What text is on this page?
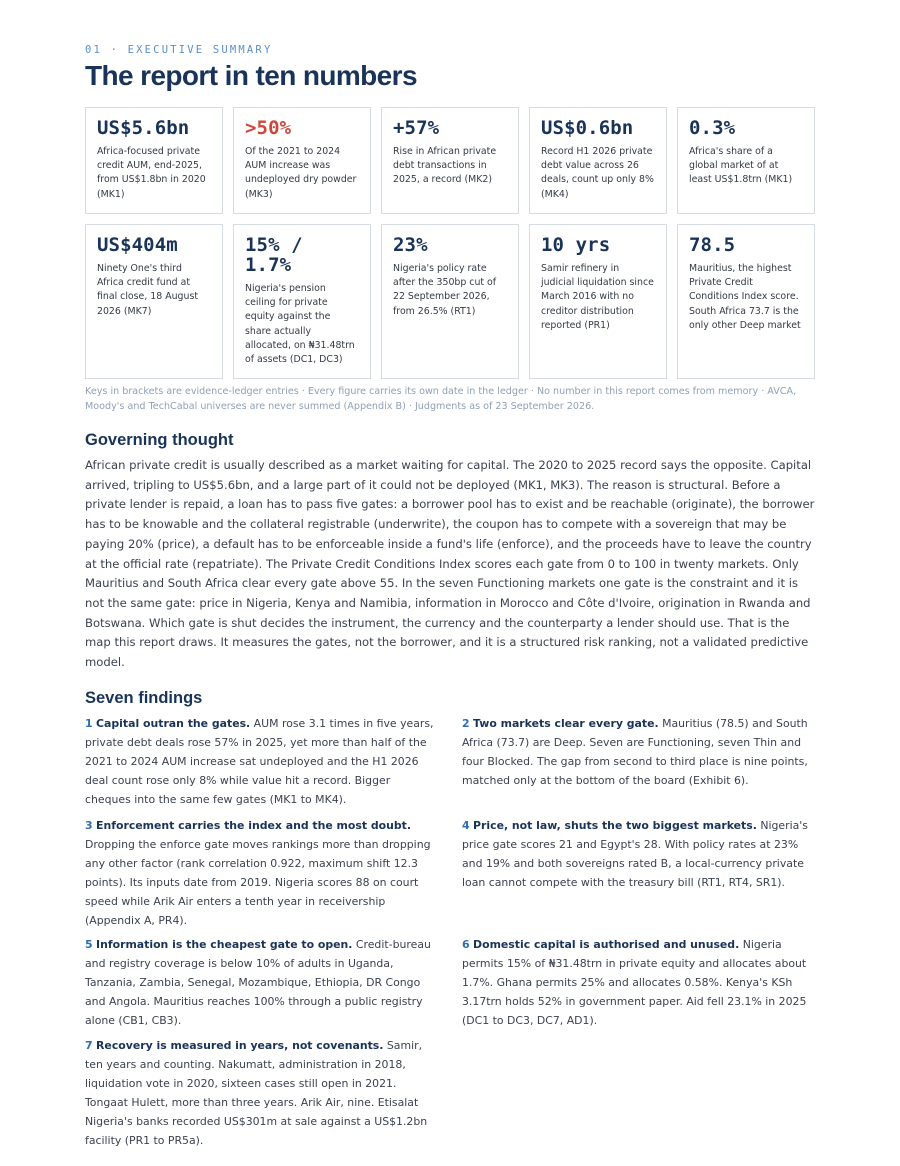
01 · EXECUTIVE SUMMARY
The report in ten numbers
US$5.6bn
Africa-focused private credit AUM, end-2025, from US$1.8bn in 2020 (MK1)
>50%
Of the 2021 to 2024 AUM increase was undeployed dry powder (MK3)
+57%
Rise in African private debt transactions in 2025, a record (MK2)
US$0.6bn
Record H1 2026 private debt value across 26 deals, count up only 8% (MK4)
0.3%
Africa's share of a global market of at least US$1.8trn (MK1)
US$404m
Ninety One's third Africa credit fund at final close, 18 August 2026 (MK7)
15% / 1.7%
Nigeria's pension ceiling for private equity against the share actually allocated, on ₦31.48trn of assets (DC1, DC3)
23%
Nigeria's policy rate after the 350bp cut of 22 September 2026, from 26.5% (RT1)
10 yrs
Samir refinery in judicial liquidation since March 2016 with no creditor distribution reported (PR1)
78.5
Mauritius, the highest Private Credit Conditions Index score. South Africa 73.7 is the only other Deep market
Keys in brackets are evidence-ledger entries · Every figure carries its own date in the ledger · No number in this report comes from memory · AVCA, Moody's and TechCabal universes are never summed (Appendix B) · Judgments as of 23 September 2026.
Governing thought

African private credit is usually described as a market waiting for capital. The 2020 to 2025 record says the opposite. Capital arrived, tripling to US$5.6bn, and a large part of it could not be deployed (MK1, MK3). The reason is structural. Before a private lender is repaid, a loan has to pass five gates: a borrower pool has to exist and be reachable (originate), the borrower has to be knowable and the collateral registrable (underwrite), the coupon has to compete with a sovereign that may be paying 20% (price), a default has to be enforceable inside a fund's life (enforce), and the proceeds have to leave the country at the official rate (repatriate). The Private Credit Conditions Index scores each gate from 0 to 100 in twenty markets. Only Mauritius and South Africa clear every gate above 55. In the seven Functioning markets one gate is the constraint and it is not the same gate: price in Nigeria, Kenya and Namibia, information in Morocco and Côte d'Ivoire, origination in Rwanda and Botswana. Which gate is shut decides the instrument, the currency and the counterparty a lender should use. That is the map this report draws. It measures the gates, not the borrower, and it is a structured risk ranking, not a validated predictive model.

Seven findings

1 Capital outran the gates. AUM rose 3.1 times in five years, private debt deals rose 57% in 2025, yet more than half of the 2021 to 2024 AUM increase sat undeployed and the H1 2026 deal count rose only 8% while value hit a record. Bigger cheques into the same few gates (MK1 to MK4).

2 Two markets clear every gate. Mauritius (78.5) and South Africa (73.7) are Deep. Seven are Functioning, seven Thin and four Blocked. The gap from second to third place is nine points, matched only at the bottom of the board (Exhibit 6).

3 Enforcement carries the index and the most doubt. Dropping the enforce gate moves rankings more than dropping any other factor (rank correlation 0.922, maximum shift 12.3 points). Its inputs date from 2019. Nigeria scores 88 on court speed while Arik Air enters a tenth year in receivership (Appendix A, PR4).

4 Price, not law, shuts the two biggest markets. Nigeria's price gate scores 21 and Egypt's 28. With policy rates at 23% and 19% and both sovereigns rated B, a local-currency private loan cannot compete with the treasury bill (RT1, RT4, SR1).

5 Information is the cheapest gate to open. Credit-bureau and registry coverage is below 10% of adults in Uganda, Tanzania, Zambia, Senegal, Mozambique, Ethiopia, DR Congo and Angola. Mauritius reaches 100% through a public registry alone (CB1, CB3).

6 Domestic capital is authorised and unused. Nigeria permits 15% of ₦31.48trn in private equity and allocates about 1.7%. Ghana permits 25% and allocates 0.58%. Kenya's KSh 3.17trn holds 52% in government paper. Aid fell 23.1% in 2025 (DC1 to DC3, DC7, AD1).

7 Recovery is measured in years, not covenants. Samir, ten years and counting. Nakumatt, administration in 2018, liquidation vote in 2020, sixteen cases still open in 2021. Tongaat Hulett, more than three years. Arik Air, nine. Etisalat Nigeria's banks recorded US$301m at sale against a US$1.2bn facility (PR1 to PR5a).
